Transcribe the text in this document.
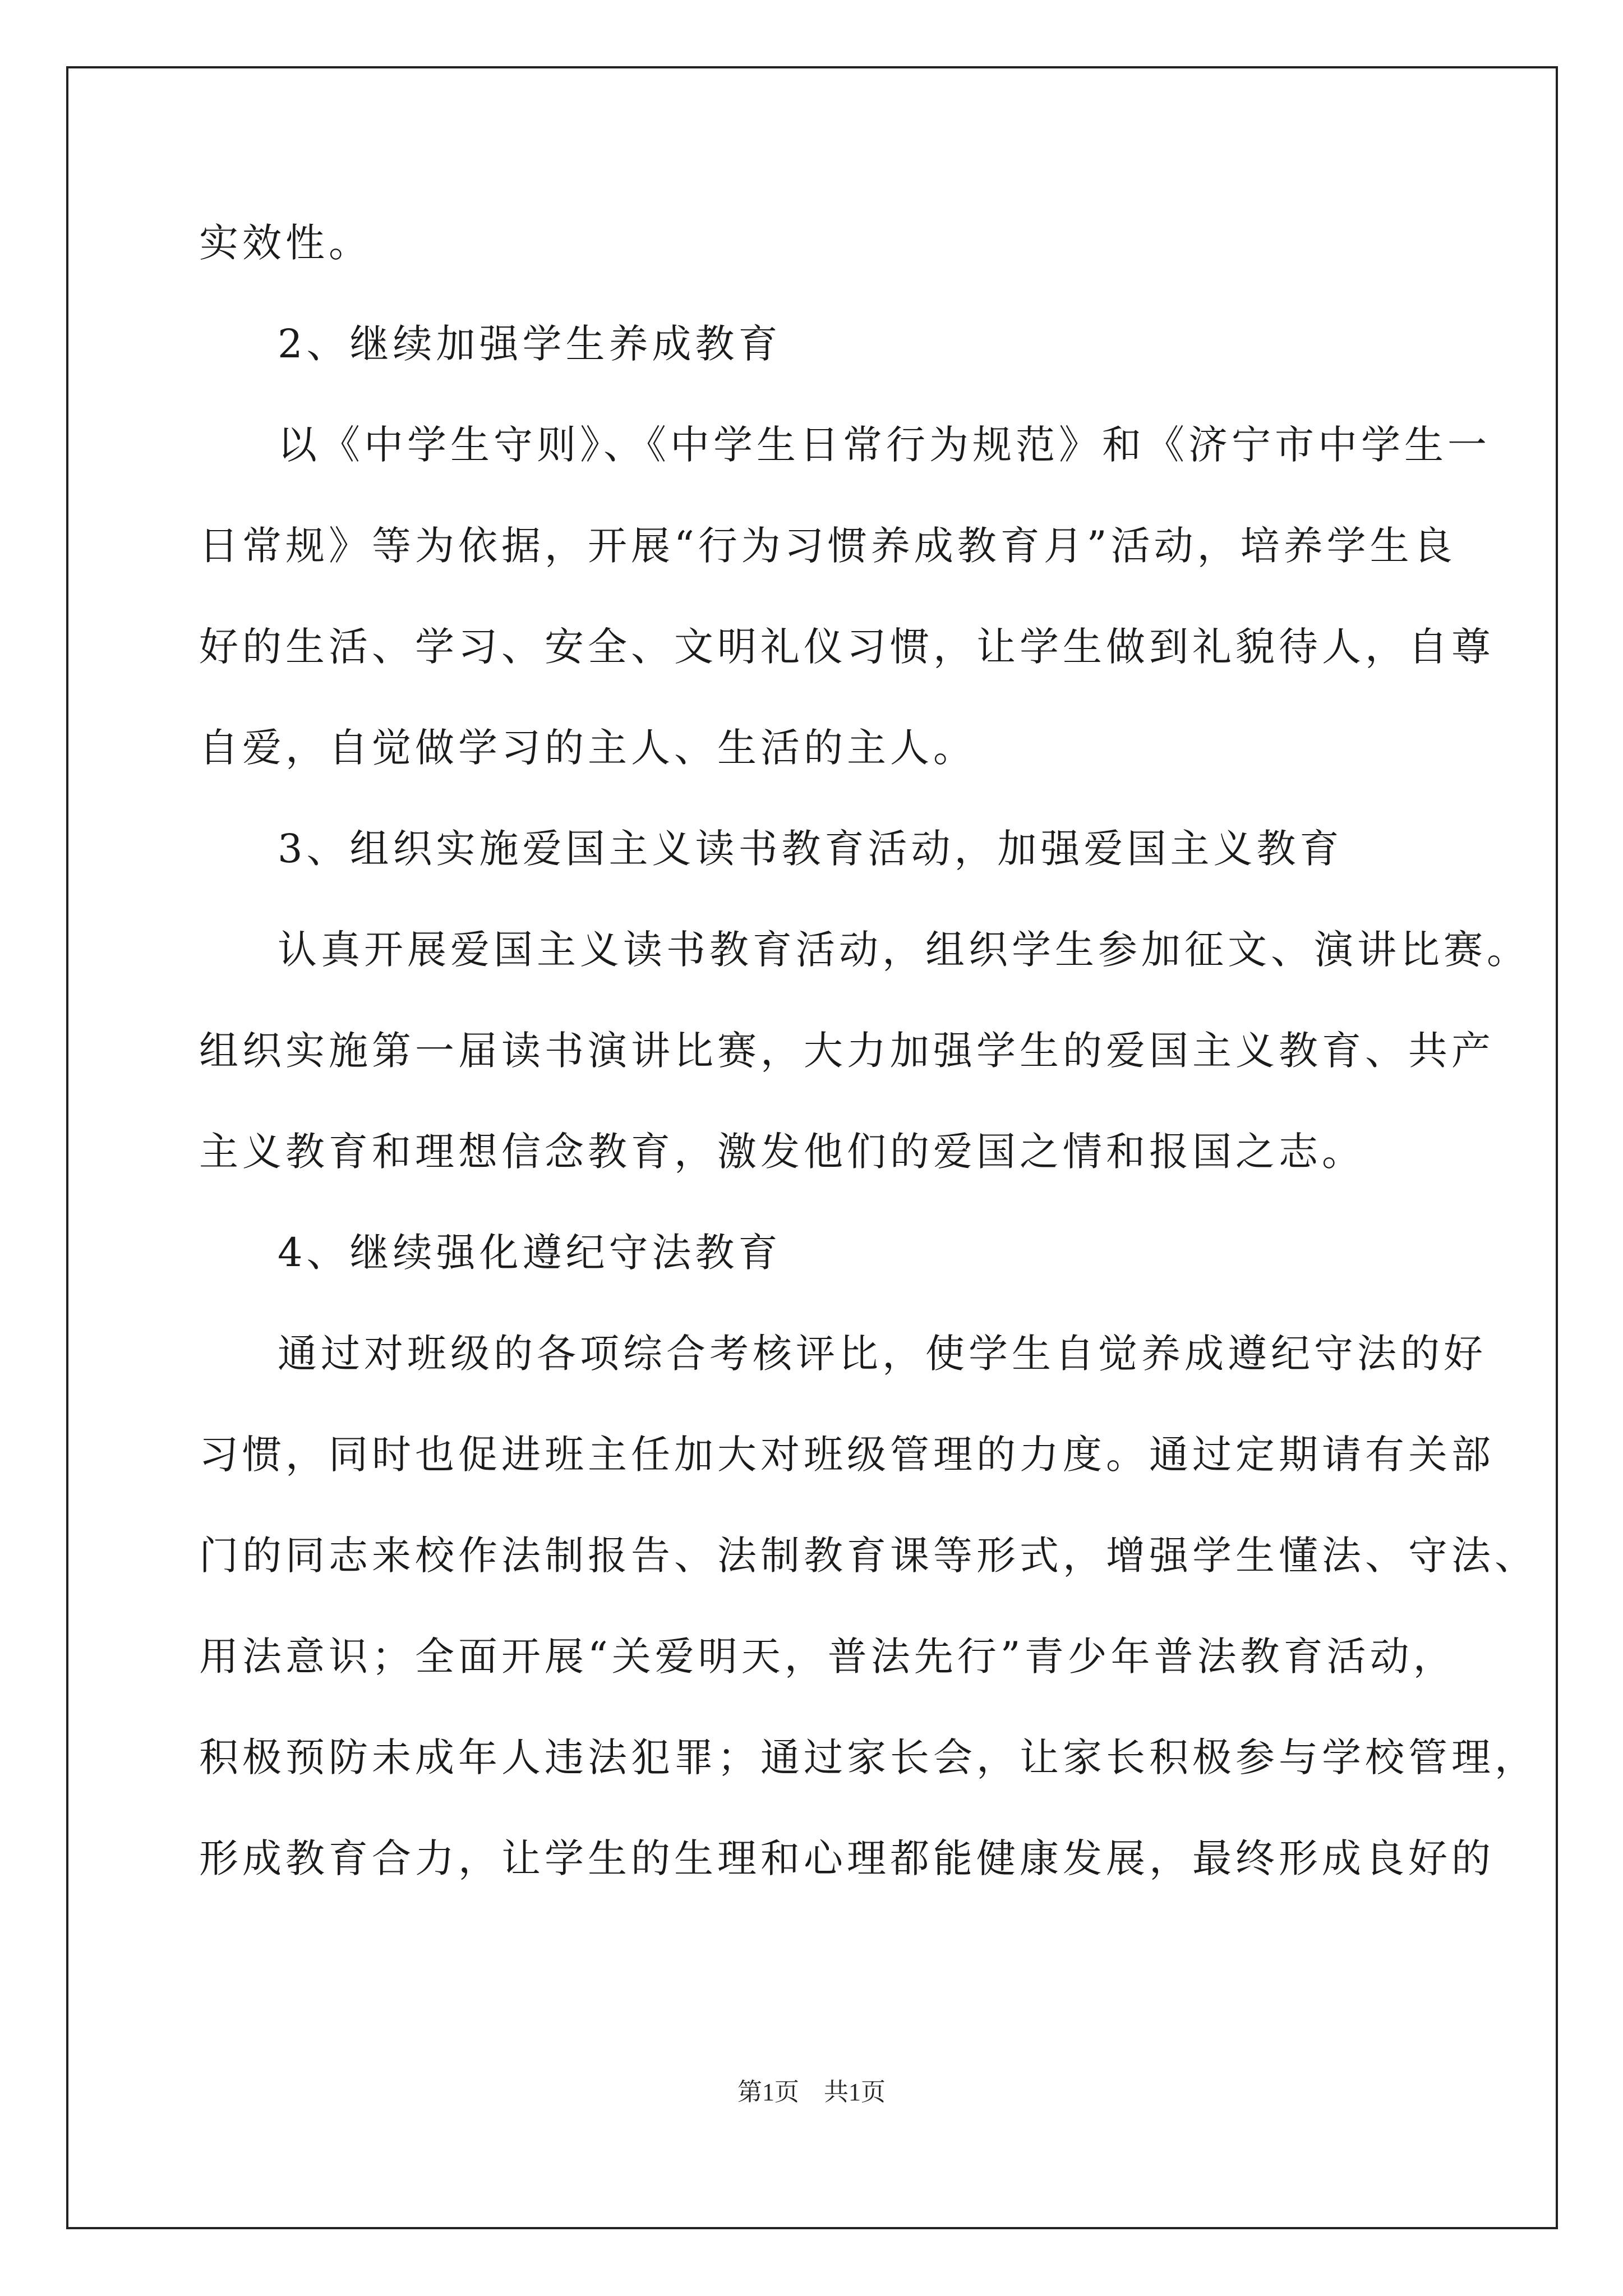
实效性。
2、继续加强学生养成教育
以《中学生守则》、《中学生日常行为规范》和《济宁市中学生一
日常规》等为依据，开展“行为习惯养成教育月”活动，培养学生良
好的生活、学习、安全、文明礼仪习惯，让学生做到礼貌待人，自尊
自爱，自觉做学习的主人、生活的主人。
3、组织实施爱国主义读书教育活动，加强爱国主义教育
认真开展爱国主义读书教育活动，组织学生参加征文、演讲比赛。
组织实施第一届读书演讲比赛，大力加强学生的爱国主义教育、共产
主义教育和理想信念教育，激发他们的爱国之情和报国之志。
4、继续强化遵纪守法教育
通过对班级的各项综合考核评比，使学生自觉养成遵纪守法的好
习惯，同时也促进班主任加大对班级管理的力度。通过定期请有关部
门的同志来校作法制报告、法制教育课等形式，增强学生懂法、守法、
用法意识；全面开展“关爱明天，普法先行”青少年普法教育活动，
积极预防未成年人违法犯罪；通过家长会，让家长积极参与学校管理，
形成教育合力，让学生的生理和心理都能健康发展，最终形成良好的
第1页　共1页
